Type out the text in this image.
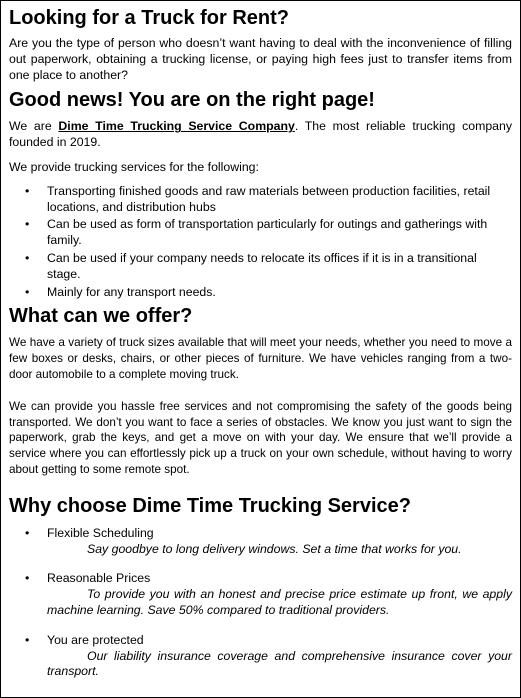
Looking for a Truck for Rent?

Are you the type of person who doesn’t want having to deal with the inconvenience of filling out paperwork, obtaining a trucking license, or paying high fees just to transfer items from one place to another?

Good news! You are on the right page!

We are Dime Time Trucking Service Company. The most reliable trucking company founded in 2019.

We provide trucking services for the following:

• Transporting finished goods and raw materials between production facilities, retail locations, and distribution hubs
• Can be used as form of transportation particularly for outings and gatherings with family.
• Can be used if your company needs to relocate its offices if it is in a transitional stage.
• Mainly for any transport needs.
What can we offer?

We have a variety of truck sizes available that will meet your needs, whether you need to move a few boxes or desks, chairs, or other pieces of furniture. We have vehicles ranging from a two-door automobile to a complete moving truck.

We can provide you hassle free services and not compromising the safety of the goods being transported. We don’t you want to face a series of obstacles. We know you just want to sign the paperwork, grab the keys, and get a move on with your day. We ensure that we’ll provide a service where you can effortlessly pick up a truck on your own schedule, without having to worry about getting to some remote spot.

Why choose Dime Time Trucking Service?
• Flexible Scheduling
Say goodbye to long delivery windows. Set a time that works for you.
• Reasonable Prices
To provide you with an honest and precise price estimate up front, we apply machine learning. Save 50% compared to traditional providers.
• You are protected
Our liability insurance coverage and comprehensive insurance cover your transport.
